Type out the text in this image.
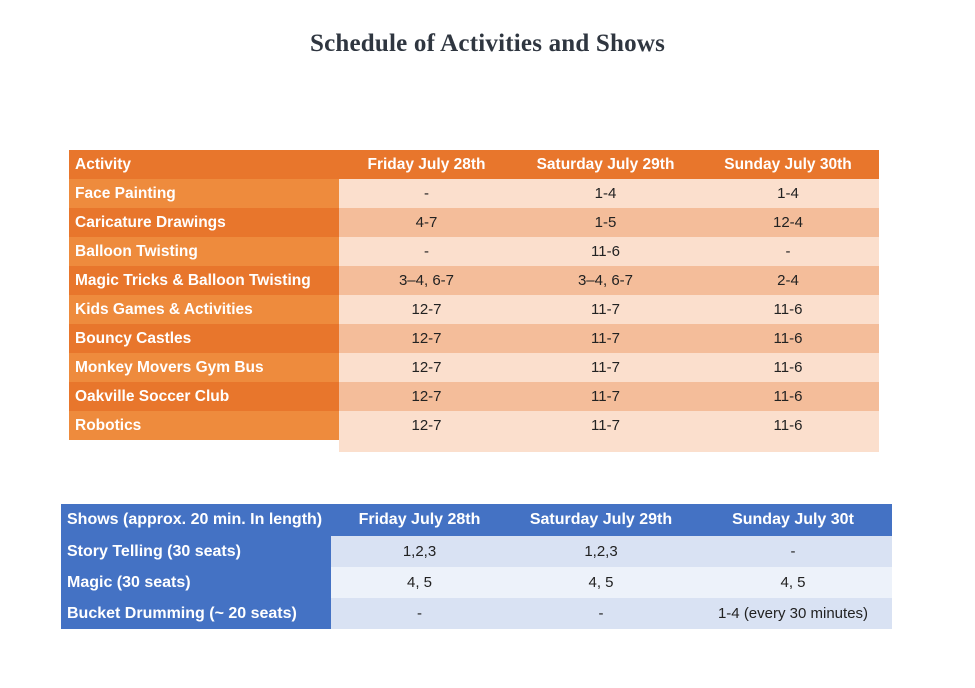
Schedule of Activities and Shows
Activity	Friday July 28th	Saturday July 29th	Sunday July 30th
Face Painting	-	1-4	1-4
Caricature Drawings	4-7	1-5	12-4
Balloon Twisting	-	11-6	-
Magic Tricks & Balloon Twisting	3–4, 6-7	3–4, 6-7	2-4
Kids Games & Activities	12-7	11-7	11-6
Bouncy Castles	12-7	11-7	11-6
Monkey Movers Gym Bus	12-7	11-7	11-6
Oakville Soccer Club	12-7	11-7	11-6
Robotics	12-7	11-7	11-6

Shows (approx. 20 min. In length)	Friday July 28th	Saturday July 29th	Sunday July 30t
Story Telling (30 seats)	1,2,3	1,2,3	-
Magic (30 seats)	4, 5	4, 5	4, 5
Bucket Drumming (~ 20 seats)	-	-	1-4 (every 30 minutes)
